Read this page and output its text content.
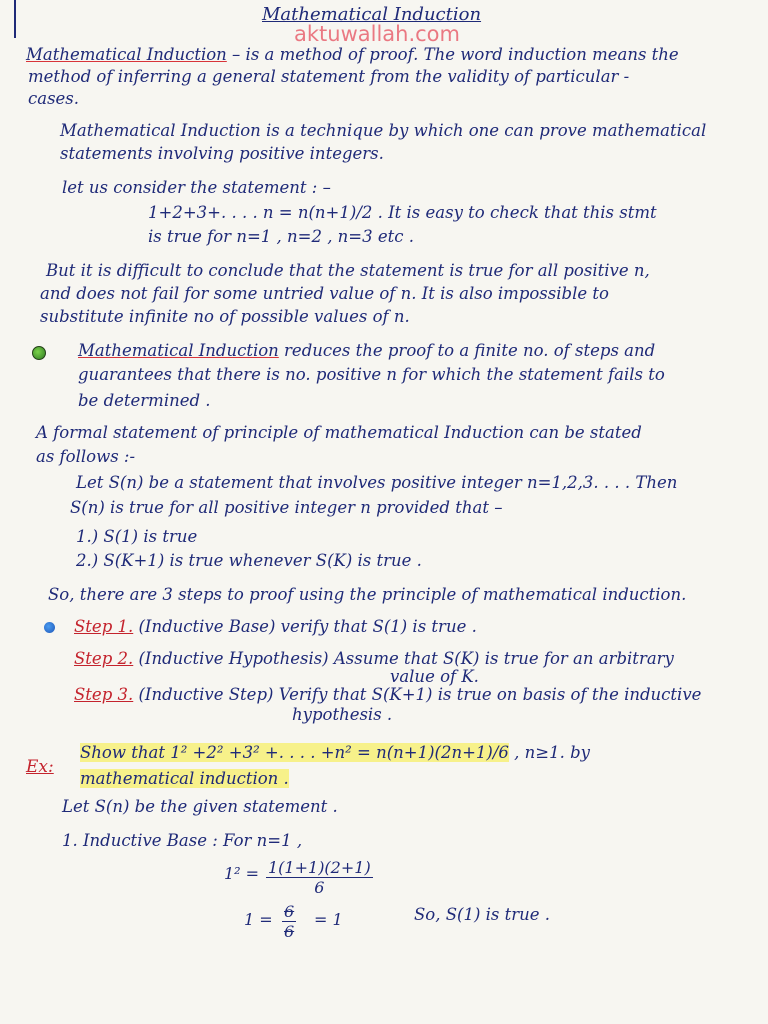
Mathematical Induction
aktuwallah.com
Mathematical Induction – is a method of proof. The word induction means the
method of inferring a general statement from the validity of particular -
cases.
Mathematical Induction is a technique by which one can prove mathematical
statements involving positive integers.
let us consider the statement : –
1+2+3+. . . . n = n(n+1)/2 . It is easy to check that this stmt
is true for n=1 , n=2 , n=3 etc .
But it is difficult to conclude that the statement is true for all positive n,
and does not fail for some untried value of n. It is also impossible to
substitute infinite no of possible values of n.
Mathematical Induction reduces the proof to a finite no. of steps and
guarantees that there is no. positive n for which the statement fails to
be determined .
A formal statement of principle of mathematical Induction can be stated
as follows :-
Let S(n) be a statement that involves positive integer n=1,2,3. . . . Then
S(n) is true for all positive integer n provided that –
1.) S(1) is true
2.) S(K+1) is true whenever S(K) is true .
So, there are 3 steps to proof using the principle of mathematical induction.
Step 1. (Inductive Base) verify that S(1) is true .
Step 2. (Inductive Hypothesis) Assume that S(K) is true for an arbitrary
value of K.
Step 3. (Inductive Step) Verify that S(K+1) is true on basis of the inductive
hypothesis .
Ex:
Show that 1² +2² +3² +. . . . +n² = n(n+1)(2n+1)/6 , n≥1. by
mathematical induction .
Let S(n) be the given statement .
1. Inductive Base : For n=1 ,
$1^2 = \frac{1(1+1)(2+1)}{6}$
$1 = \frac{6}{6} = 1$	So, S(1) is true .
